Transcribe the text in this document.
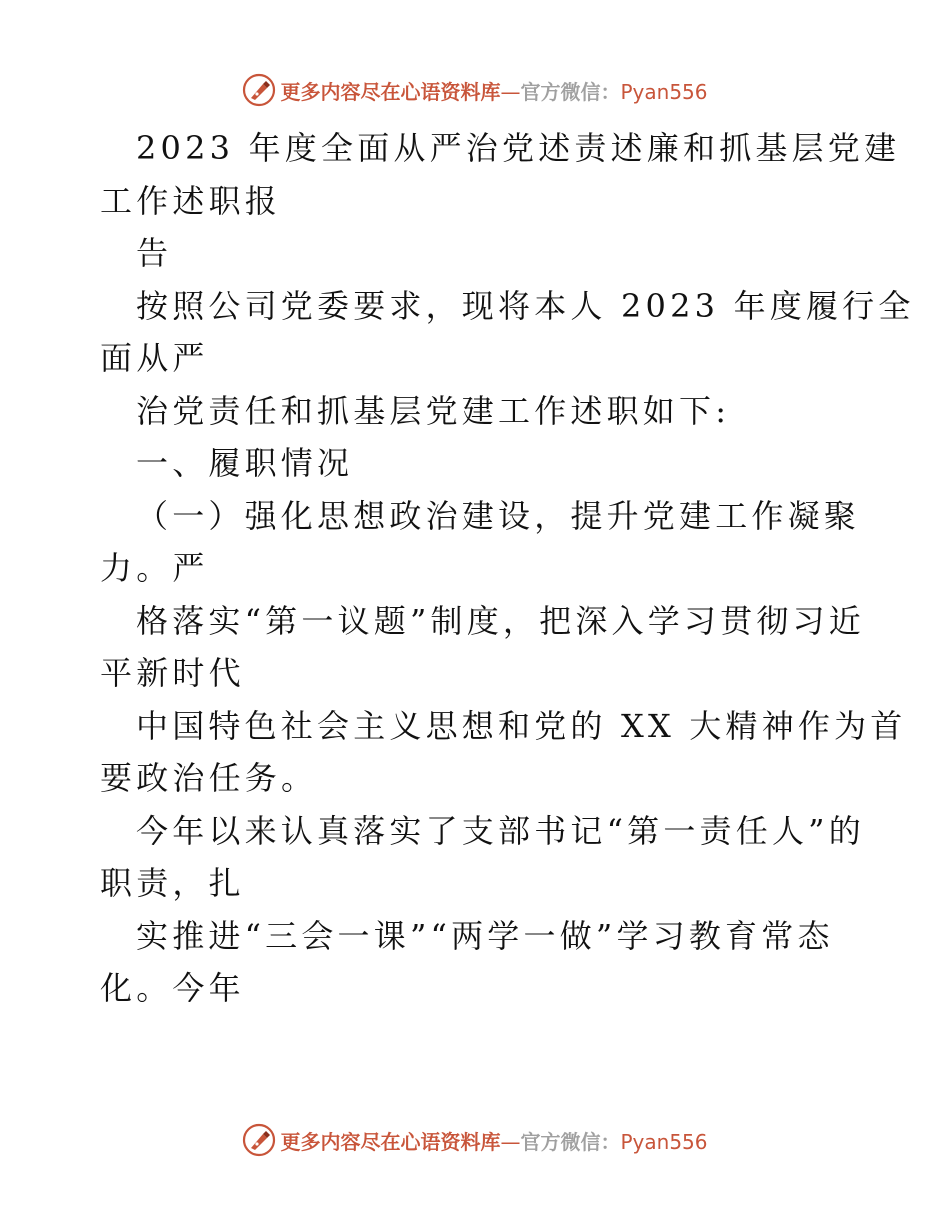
更多内容尽在心语资料库—官方微信：Pyan556
2023 年度全面从严治党述责述廉和抓基层党建
工作述职报
告
按照公司党委要求，现将本人 2023 年度履行全
面从严
治党责任和抓基层党建工作述职如下:
一、履职情况
（一）强化思想政治建设，提升党建工作凝聚
力。严
格落实“第一议题”制度，把深入学习贯彻习近
平新时代
中国特色社会主义思想和党的 XX 大精神作为首
要政治任务。
今年以来认真落实了支部书记“第一责任人”的
职责，扎
实推进“三会一课”“两学一做”学习教育常态
化。今年
更多内容尽在心语资料库—官方微信：Pyan556
